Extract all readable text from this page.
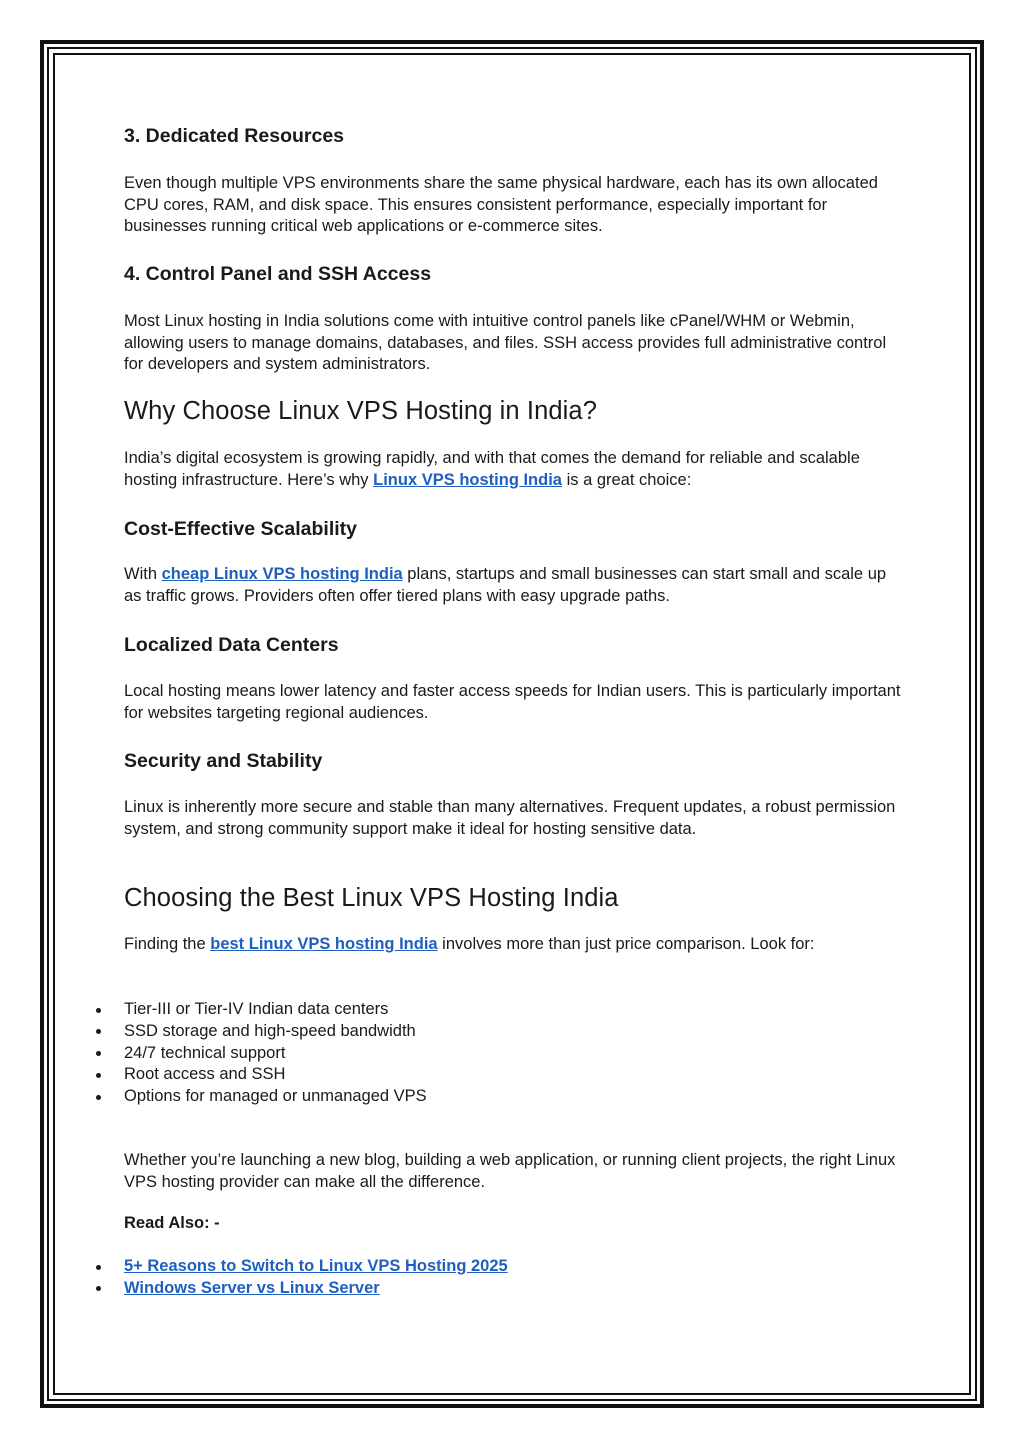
3. Dedicated Resources

Even though multiple VPS environments share the same physical hardware, each has its own allocated CPU cores, RAM, and disk space. This ensures consistent performance, especially important for businesses running critical web applications or e-commerce sites.

4. Control Panel and SSH Access

Most Linux hosting in India solutions come with intuitive control panels like cPanel/WHM or Webmin, allowing users to manage domains, databases, and files. SSH access provides full administrative control for developers and system administrators.

Why Choose Linux VPS Hosting in India?

India’s digital ecosystem is growing rapidly, and with that comes the demand for reliable and scalable hosting infrastructure. Here’s why Linux VPS hosting India is a great choice:

Cost-Effective Scalability

With cheap Linux VPS hosting India plans, startups and small businesses can start small and scale up as traffic grows. Providers often offer tiered plans with easy upgrade paths.

Localized Data Centers

Local hosting means lower latency and faster access speeds for Indian users. This is particularly important for websites targeting regional audiences.

Security and Stability

Linux is inherently more secure and stable than many alternatives. Frequent updates, a robust permission system, and strong community support make it ideal for hosting sensitive data.

Choosing the Best Linux VPS Hosting India

Finding the best Linux VPS hosting India involves more than just price comparison. Look for:

Tier-III or Tier-IV Indian data centers
SSD storage and high-speed bandwidth
24/7 technical support
Root access and SSH
Options for managed or unmanaged VPS

Whether you’re launching a new blog, building a web application, or running client projects, the right Linux VPS hosting provider can make all the difference.

Read Also: -

5+ Reasons to Switch to Linux VPS Hosting 2025
Windows Server vs Linux Server
